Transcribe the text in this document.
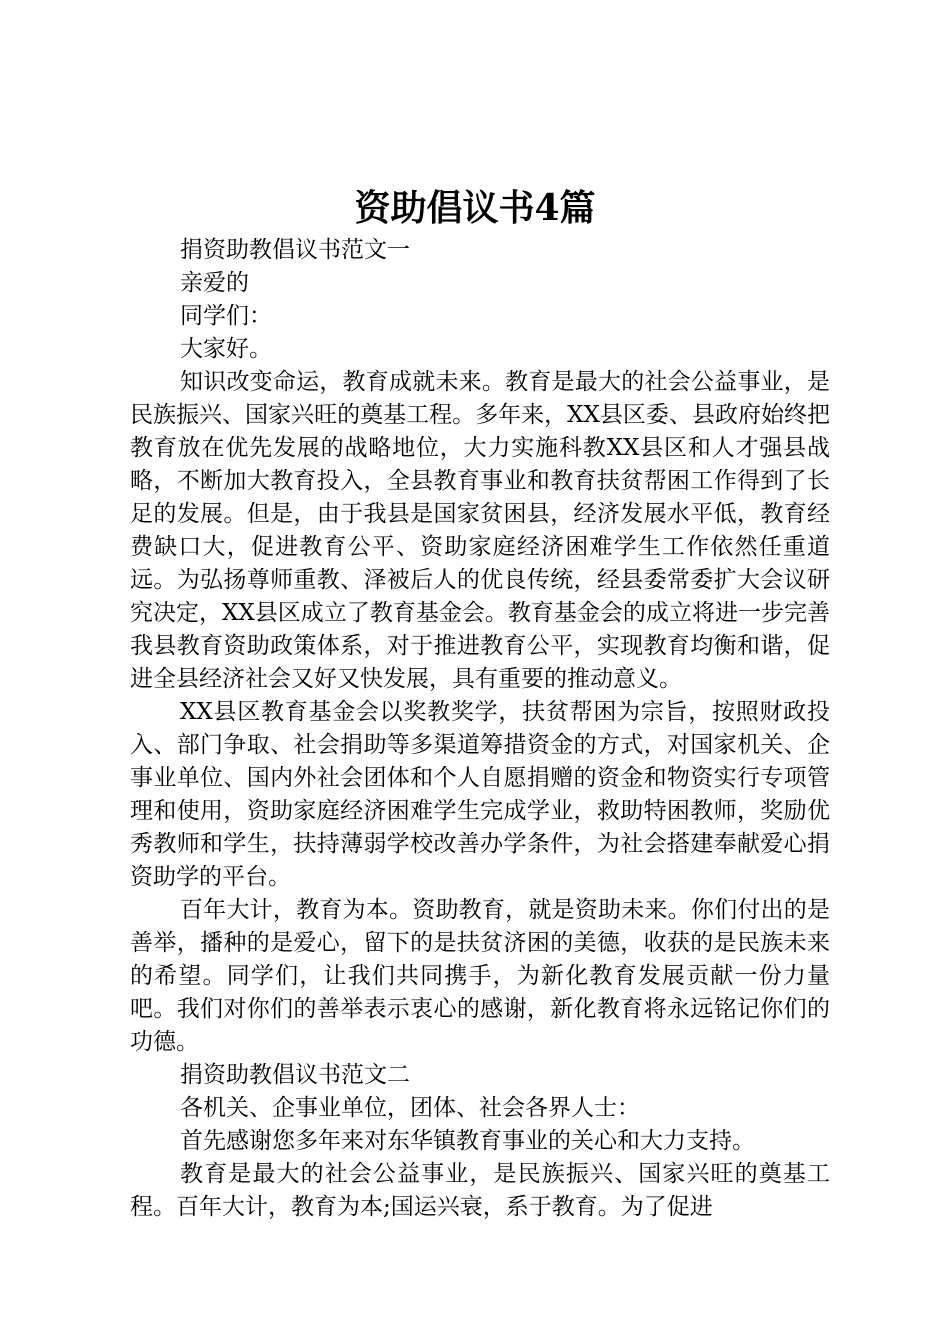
资助倡议书4篇

捐资助教倡议书范文一

亲爱的

同学们：

大家好。

知识改变命运，教育成就未来。教育是最大的社会公益事业，是民族振兴、国家兴旺的奠基工程。多年来，XX县区委、县政府始终把教育放在优先发展的战略地位，大力实施科教XX县区和人才强县战略，不断加大教育投入，全县教育事业和教育扶贫帮困工作得到了长足的发展。但是，由于我县是国家贫困县，经济发展水平低，教育经费缺口大，促进教育公平、资助家庭经济困难学生工作依然任重道远。为弘扬尊师重教、泽被后人的优良传统，经县委常委扩大会议研究决定，XX县区成立了教育基金会。教育基金会的成立将进一步完善我县教育资助政策体系，对于推进教育公平，实现教育均衡和谐，促进全县经济社会又好又快发展，具有重要的推动意义。

XX县区教育基金会以奖教奖学，扶贫帮困为宗旨，按照财政投入、部门争取、社会捐助等多渠道筹措资金的方式，对国家机关、企事业单位、国内外社会团体和个人自愿捐赠的资金和物资实行专项管理和使用，资助家庭经济困难学生完成学业，救助特困教师，奖励优秀教师和学生，扶持薄弱学校改善办学条件，为社会搭建奉献爱心捐资助学的平台。

百年大计，教育为本。资助教育，就是资助未来。你们付出的是善举，播种的是爱心，留下的是扶贫济困的美德，收获的是民族未来的希望。同学们，让我们共同携手，为新化教育发展贡献一份力量吧。我们对你们的善举表示衷心的感谢，新化教育将永远铭记你们的功德。

捐资助教倡议书范文二

各机关、企事业单位，团体、社会各界人士：

首先感谢您多年来对东华镇教育事业的关心和大力支持。

教育是最大的社会公益事业，是民族振兴、国家兴旺的奠基工程。百年大计，教育为本;国运兴衰，系于教育。为了促进
